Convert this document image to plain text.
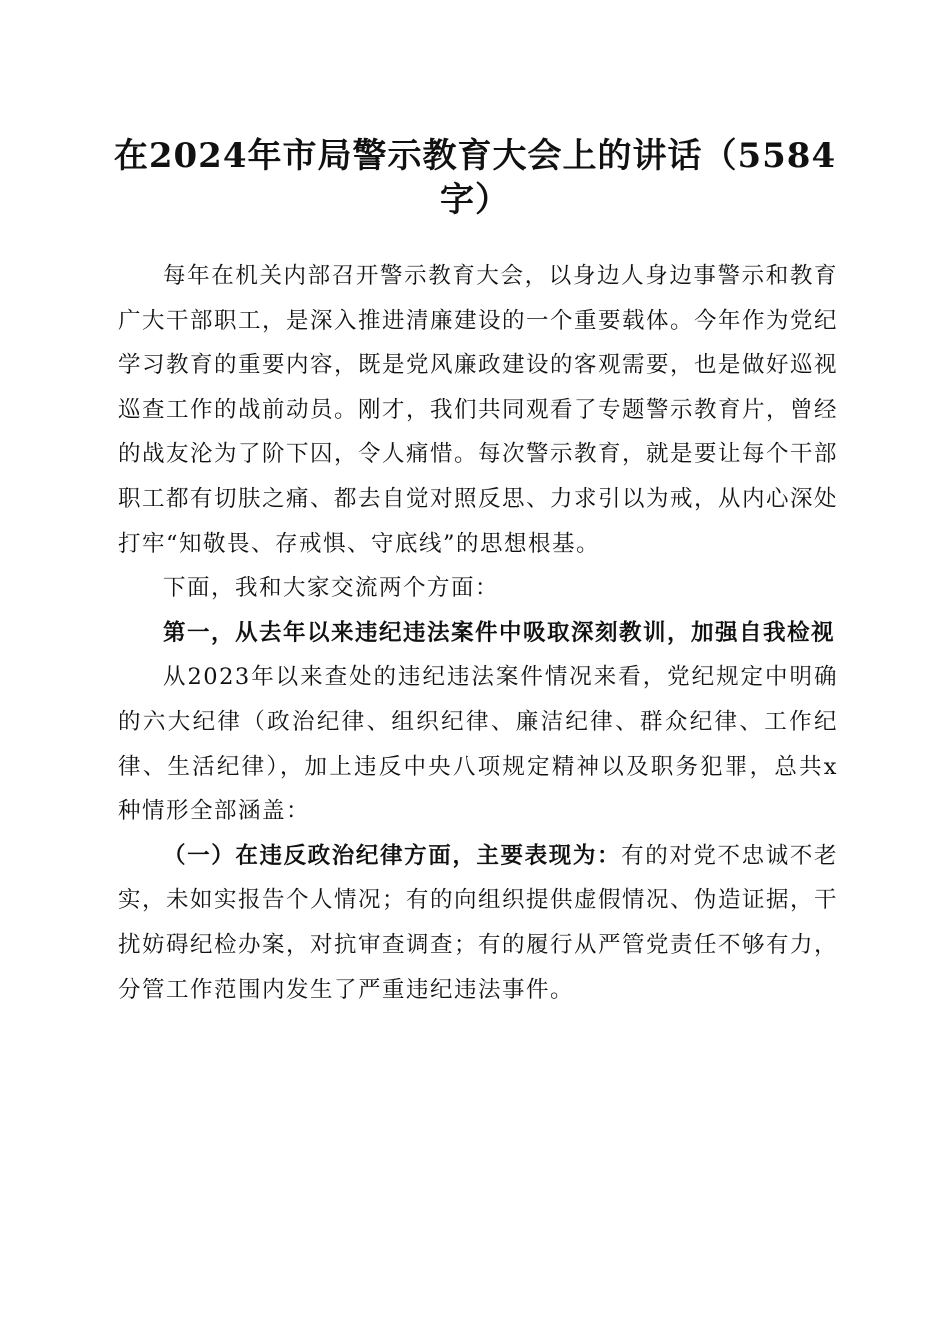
在2024年市局警示教育大会上的讲话（5584字）

每年在机关内部召开警示教育大会，以身边人身边事警示和教育广大干部职工，是深入推进清廉建设的一个重要载体。今年作为党纪学习教育的重要内容，既是党风廉政建设的客观需要，也是做好巡视巡查工作的战前动员。刚才，我们共同观看了专题警示教育片，曾经的战友沦为了阶下囚，令人痛惜。每次警示教育，就是要让每个干部职工都有切肤之痛、都去自觉对照反思、力求引以为戒，从内心深处打牢“知敬畏、存戒惧、守底线”的思想根基。

下面，我和大家交流两个方面：

第一，从去年以来违纪违法案件中吸取深刻教训，加强自我检视

从2023年以来查处的违纪违法案件情况来看，党纪规定中明确的六大纪律（政治纪律、组织纪律、廉洁纪律、群众纪律、工作纪律、生活纪律），加上违反中央八项规定精神以及职务犯罪，总共x种情形全部涵盖：

（一）在违反政治纪律方面，主要表现为：有的对党不忠诚不老实，未如实报告个人情况；有的向组织提供虚假情况、伪造证据，干扰妨碍纪检办案，对抗审查调查；有的履行从严管党责任不够有力，分管工作范围内发生了严重违纪违法事件。
